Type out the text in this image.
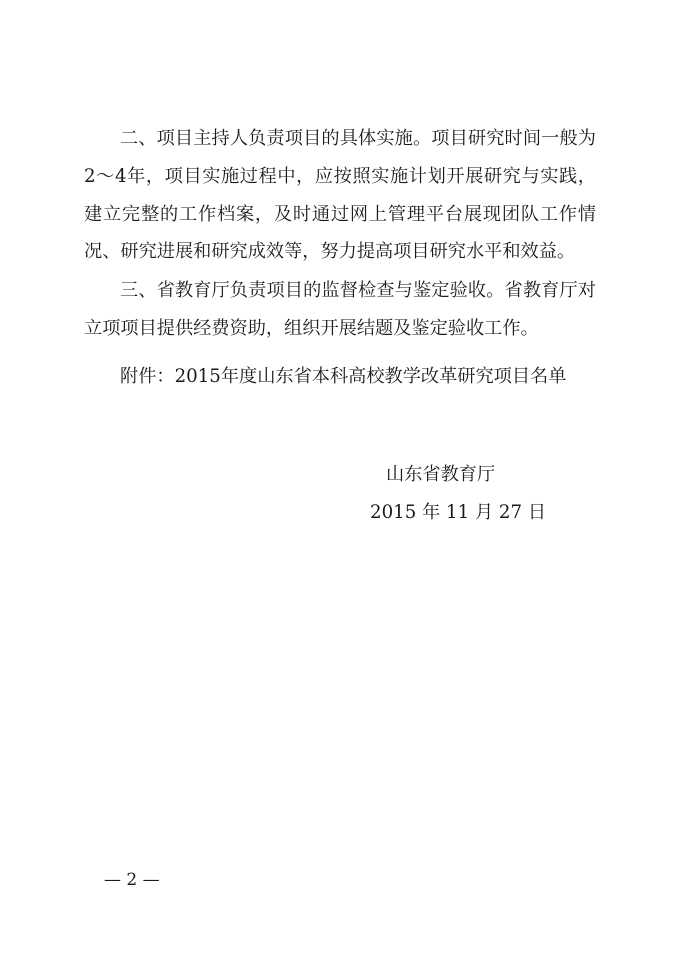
二、项目主持人负责项目的具体实施。项目研究时间一般为2～4年，项目实施过程中，应按照实施计划开展研究与实践，建立完整的工作档案，及时通过网上管理平台展现团队工作情况、研究进展和研究成效等，努力提高项目研究水平和效益。

三、省教育厅负责项目的监督检查与鉴定验收。省教育厅对立项项目提供经费资助，组织开展结题及鉴定验收工作。

附件：2015年度山东省本科高校教学改革研究项目名单

山东省教育厅

2015 年 11 月 27 日

— 2 —
